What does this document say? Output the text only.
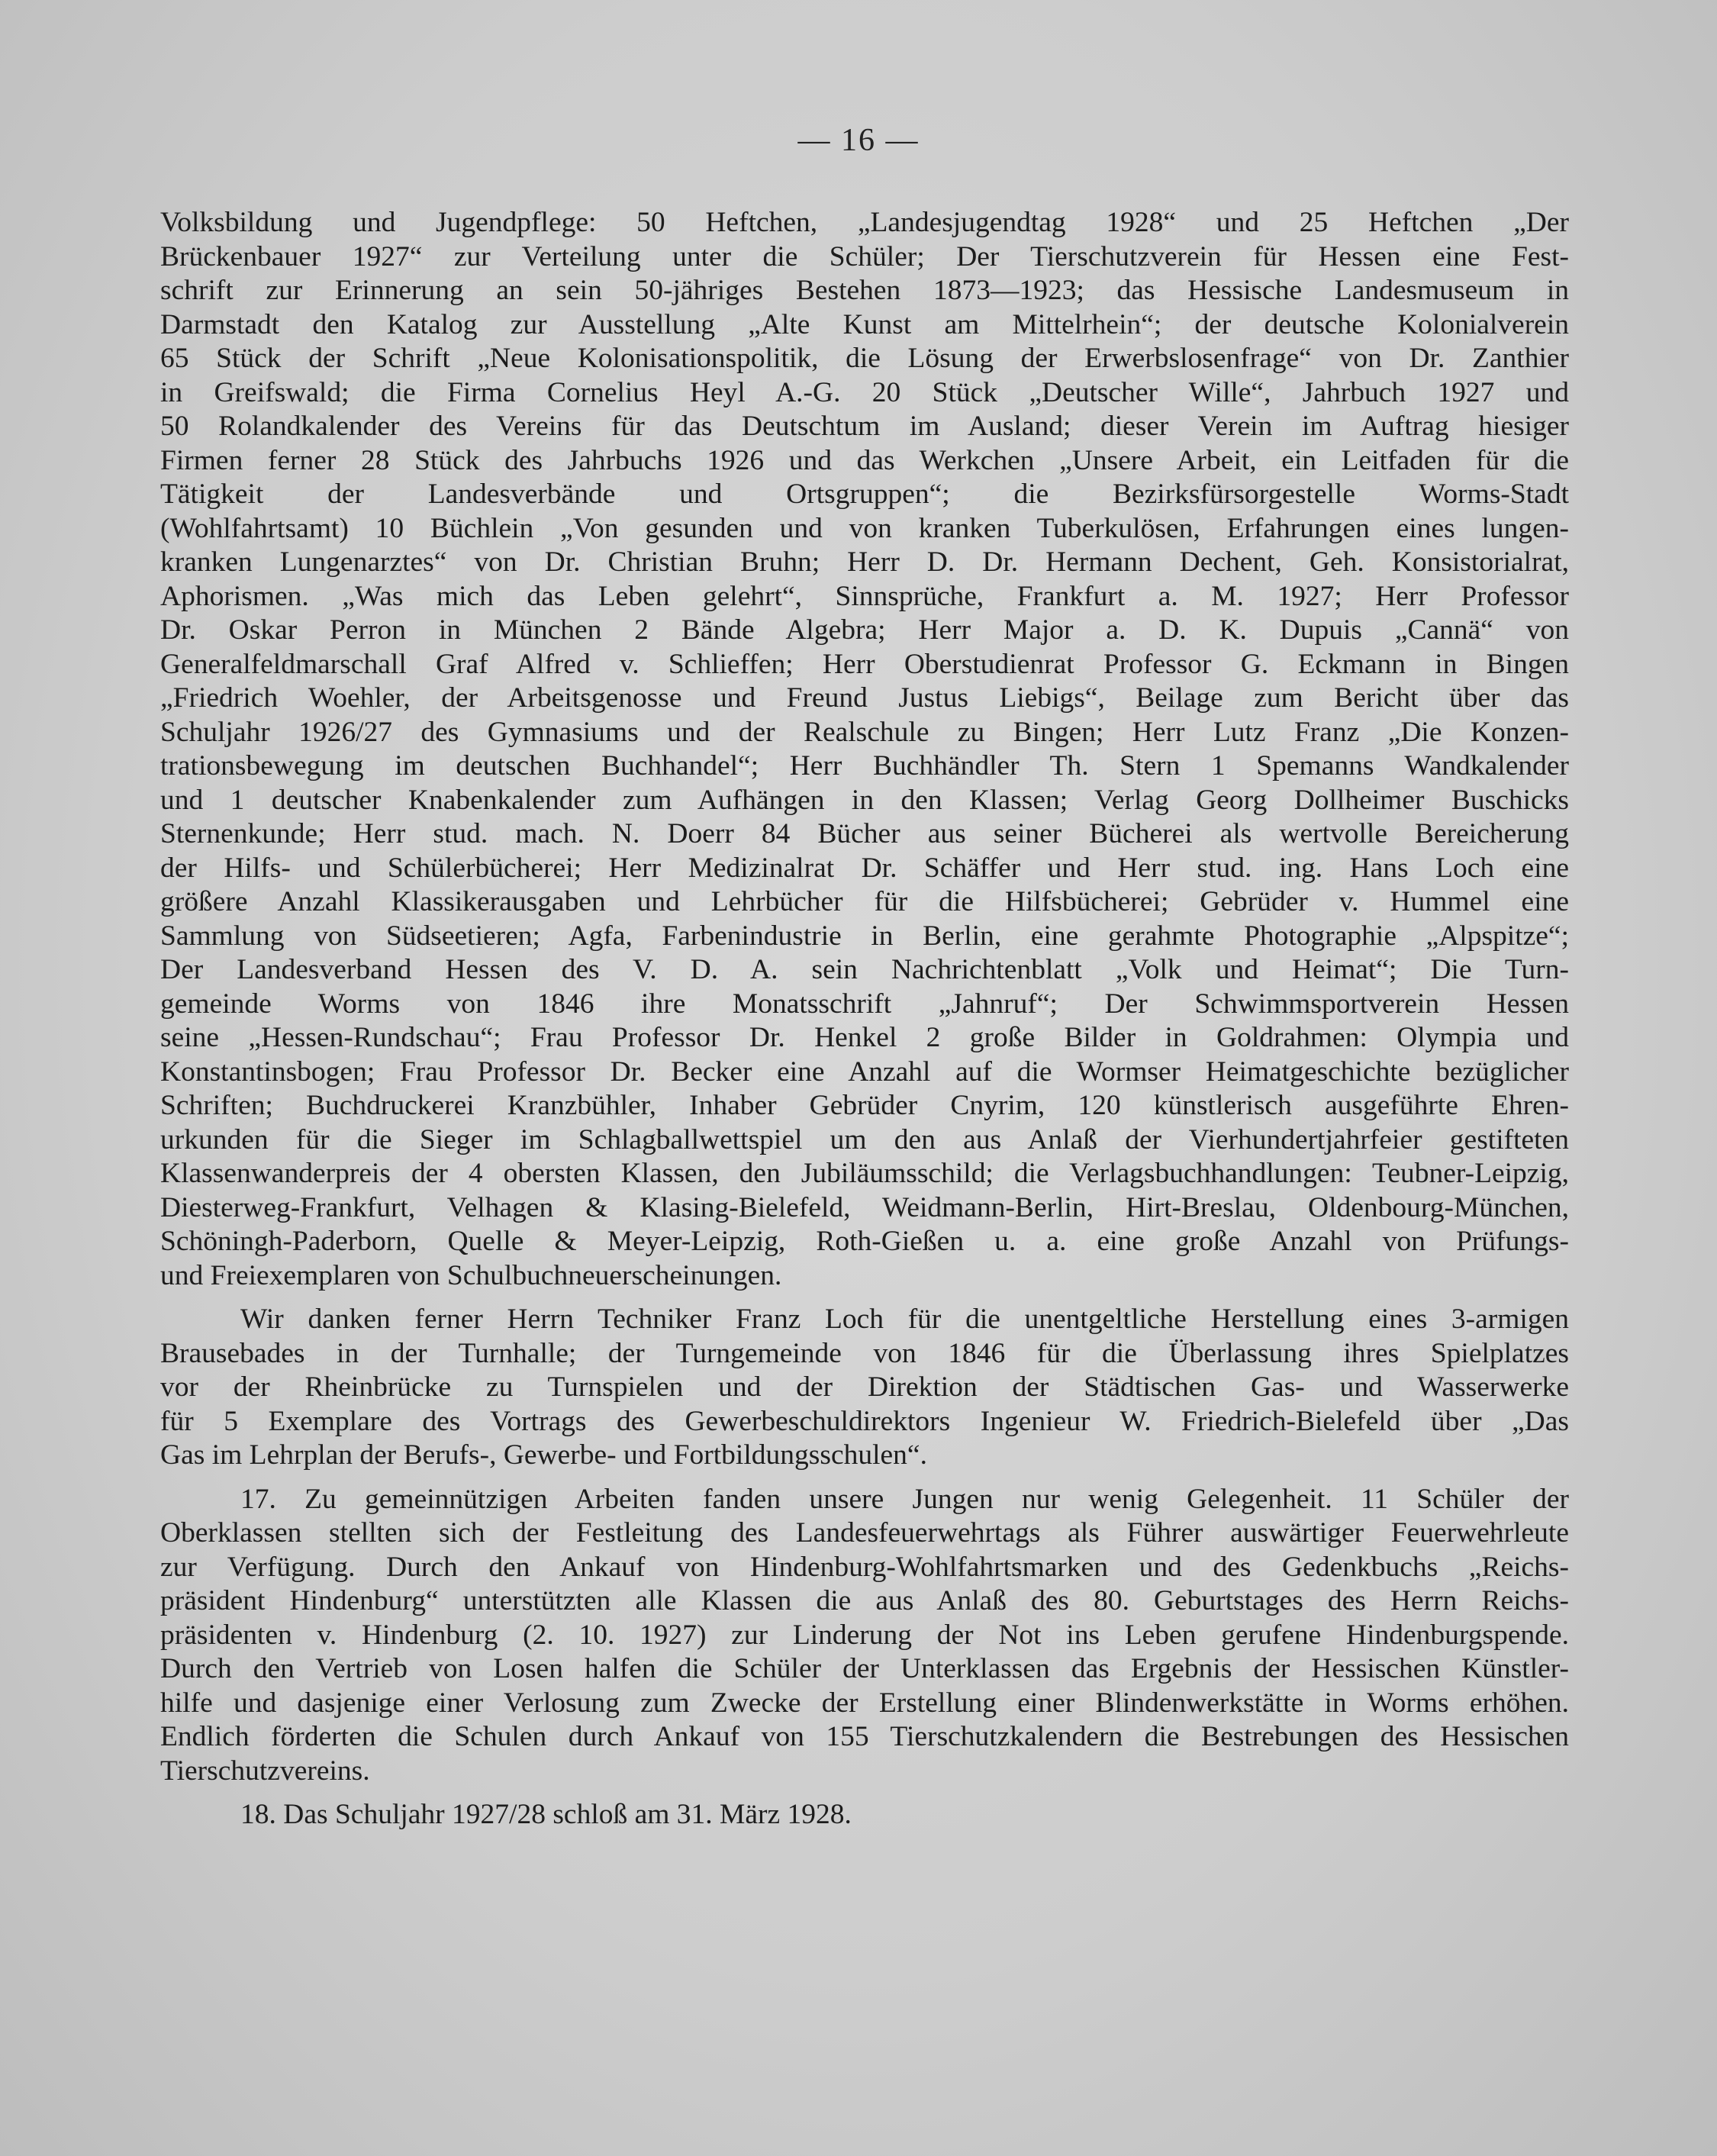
— 16 —
Volksbildung und Jugendpflege: 50 Heftchen, „Landesjugendtag 1928“ und 25 Heftchen „Der
Brückenbauer 1927“ zur Verteilung unter die Schüler; Der Tierschutzverein für Hessen eine Fest-
schrift zur Erinnerung an sein 50-jähriges Bestehen 1873—1923; das Hessische Landesmuseum in
Darmstadt den Katalog zur Ausstellung „Alte Kunst am Mittelrhein“; der deutsche Kolonialverein
65 Stück der Schrift „Neue Kolonisationspolitik, die Lösung der Erwerbslosenfrage“ von Dr. Zanthier
in Greifswald; die Firma Cornelius Heyl A.-G. 20 Stück „Deutscher Wille“, Jahrbuch 1927 und
50 Rolandkalender des Vereins für das Deutschtum im Ausland; dieser Verein im Auftrag hiesiger
Firmen ferner 28 Stück des Jahrbuchs 1926 und das Werkchen „Unsere Arbeit, ein Leitfaden für die
Tätigkeit der Landesverbände und Ortsgruppen“; die Bezirksfürsorgestelle Worms-Stadt
(Wohlfahrtsamt) 10 Büchlein „Von gesunden und von kranken Tuberkulösen, Erfahrungen eines lungen-
kranken Lungenarztes“ von Dr. Christian Bruhn; Herr D. Dr. Hermann Dechent, Geh. Konsistorialrat,
Aphorismen. „Was mich das Leben gelehrt“, Sinnsprüche, Frankfurt a. M. 1927; Herr Professor
Dr. Oskar Perron in München 2 Bände Algebra; Herr Major a. D. K. Dupuis „Cannä“ von
Generalfeldmarschall Graf Alfred v. Schlieffen; Herr Oberstudienrat Professor G. Eckmann in Bingen
„Friedrich Woehler, der Arbeitsgenosse und Freund Justus Liebigs“, Beilage zum Bericht über das
Schuljahr 1926/27 des Gymnasiums und der Realschule zu Bingen; Herr Lutz Franz „Die Konzen-
trationsbewegung im deutschen Buchhandel“; Herr Buchhändler Th. Stern 1 Spemanns Wandkalender
und 1 deutscher Knabenkalender zum Aufhängen in den Klassen; Verlag Georg Dollheimer Buschicks
Sternenkunde; Herr stud. mach. N. Doerr 84 Bücher aus seiner Bücherei als wertvolle Bereicherung
der Hilfs- und Schülerbücherei; Herr Medizinalrat Dr. Schäffer und Herr stud. ing. Hans Loch eine
größere Anzahl Klassikerausgaben und Lehrbücher für die Hilfsbücherei; Gebrüder v. Hummel eine
Sammlung von Südseetieren; Agfa, Farbenindustrie in Berlin, eine gerahmte Photographie „Alpspitze“;
Der Landesverband Hessen des V. D. A. sein Nachrichtenblatt „Volk und Heimat“; Die Turn-
gemeinde Worms von 1846 ihre Monatsschrift „Jahnruf“; Der Schwimmsportverein Hessen
seine „Hessen-Rundschau“; Frau Professor Dr. Henkel 2 große Bilder in Goldrahmen: Olympia und
Konstantinsbogen; Frau Professor Dr. Becker eine Anzahl auf die Wormser Heimatgeschichte bezüglicher
Schriften; Buchdruckerei Kranzbühler, Inhaber Gebrüder Cnyrim, 120 künstlerisch ausgeführte Ehren-
urkunden für die Sieger im Schlagballwettspiel um den aus Anlaß der Vierhundertjahrfeier gestifteten
Klassenwanderpreis der 4 obersten Klassen, den Jubiläumsschild; die Verlagsbuchhandlungen: Teubner-Leipzig,
Diesterweg-Frankfurt, Velhagen & Klasing-Bielefeld, Weidmann-Berlin, Hirt-Breslau, Oldenbourg-München,
Schöningh-Paderborn, Quelle & Meyer-Leipzig, Roth-Gießen u. a. eine große Anzahl von Prüfungs-
und Freiexemplaren von Schulbuchneuerscheinungen.
Wir danken ferner Herrn Techniker Franz Loch für die unentgeltliche Herstellung eines 3-armigen
Brausebades in der Turnhalle; der Turngemeinde von 1846 für die Überlassung ihres Spielplatzes
vor der Rheinbrücke zu Turnspielen und der Direktion der Städtischen Gas- und Wasserwerke
für 5 Exemplare des Vortrags des Gewerbeschuldirektors Ingenieur W. Friedrich-Bielefeld über „Das
Gas im Lehrplan der Berufs-, Gewerbe- und Fortbildungsschulen“.
17. Zu gemeinnützigen Arbeiten fanden unsere Jungen nur wenig Gelegenheit. 11 Schüler der
Oberklassen stellten sich der Festleitung des Landesfeuerwehrtags als Führer auswärtiger Feuerwehrleute
zur Verfügung. Durch den Ankauf von Hindenburg-Wohlfahrtsmarken und des Gedenkbuchs „Reichs-
präsident Hindenburg“ unterstützten alle Klassen die aus Anlaß des 80. Geburtstages des Herrn Reichs-
präsidenten v. Hindenburg (2. 10. 1927) zur Linderung der Not ins Leben gerufene Hindenburgspende.
Durch den Vertrieb von Losen halfen die Schüler der Unterklassen das Ergebnis der Hessischen Künstler-
hilfe und dasjenige einer Verlosung zum Zwecke der Erstellung einer Blindenwerkstätte in Worms erhöhen.
Endlich förderten die Schulen durch Ankauf von 155 Tierschutzkalendern die Bestrebungen des Hessischen
Tierschutzvereins.
18. Das Schuljahr 1927/28 schloß am 31. März 1928.
